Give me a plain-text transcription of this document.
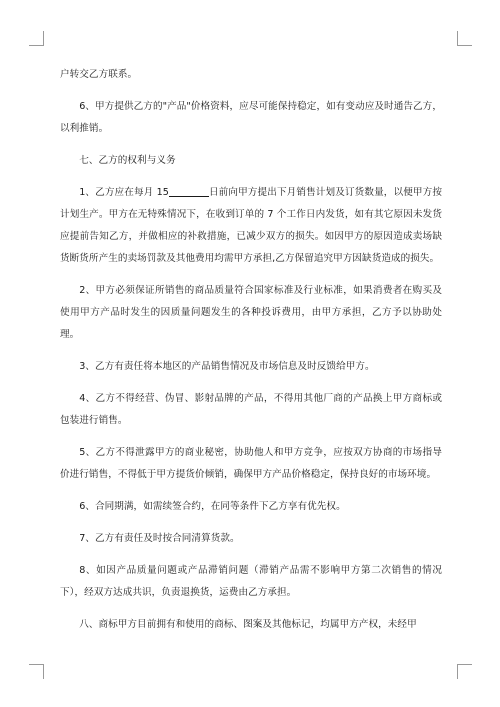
户转交乙方联系。

6、甲方提供乙方的"产品"价格资料，应尽可能保持稳定，如有变动应及时通告乙方，以利推销。

七、乙方的权利与义务

1、乙方应在每月 15	日前向甲方提出下月销售计划及订货数量，以便甲方按计划生产。甲方在无特殊情况下，在收到订单的 7 个工作日内发货，如有其它原因未发货应提前告知乙方，并做相应的补救措施，已减少双方的损失。如因甲方的原因造成卖场缺货断货所产生的卖场罚款及其他费用均需甲方承担,乙方保留追究甲方因缺货造成的损失。

2、甲方必须保证所销售的商品质量符合国家标准及行业标准，如果消费者在购买及使用甲方产品时发生的因质量问题发生的各种投诉费用，由甲方承担，乙方予以协助处理。

3、乙方有责任将本地区的产品销售情况及市场信息及时反馈给甲方。

4、乙方不得经营、伪冒、影射品牌的产品，不得用其他厂商的产品换上甲方商标或包装进行销售。

5、乙方不得泄露甲方的商业秘密，协助他人和甲方竞争，应按双方协商的市场指导价进行销售，不得低于甲方提货价倾销，确保甲方产品价格稳定，保持良好的市场环境。

6、合同期满，如需续签合约，在同等条件下乙方享有优先权。

7、乙方有责任及时按合同清算货款。

8、如因产品质量问题或产品滞销问题（滞销产品需不影响甲方第二次销售的情况下），经双方达成共识，负责退换货，运费由乙方承担。

八、商标甲方目前拥有和使用的商标、图案及其他标记，均属甲方产权，未经甲
